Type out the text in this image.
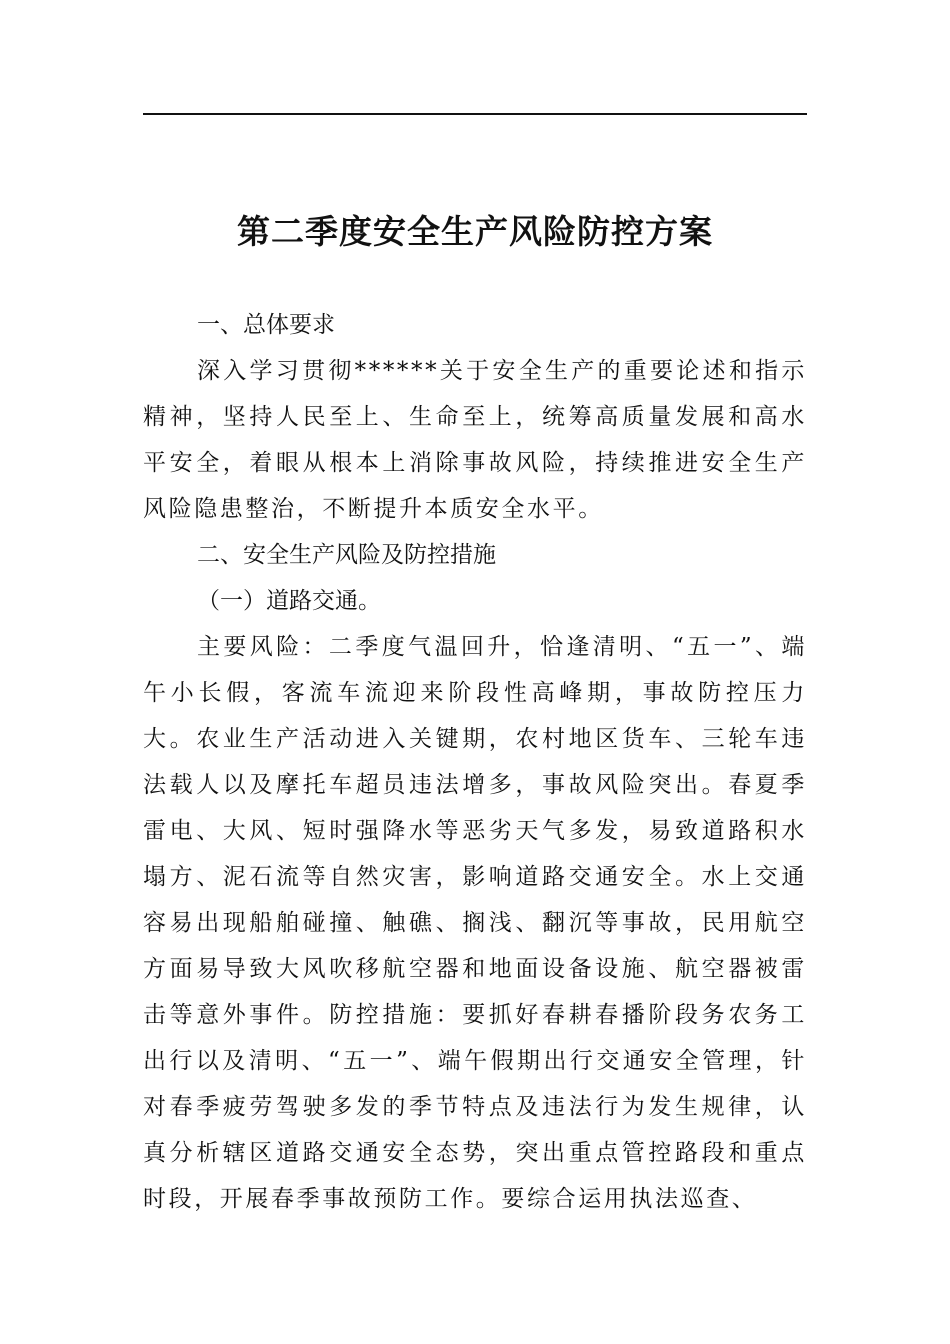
第二季度安全生产风险防控方案
一、总体要求

深入学习贯彻******关于安全生产的重要论述和指示精神，坚持人民至上、生命至上，统筹高质量发展和高水平安全，着眼从根本上消除事故风险，持续推进安全生产风险隐患整治，不断提升本质安全水平。

二、安全生产风险及防控措施

（一）道路交通。

主要风险：二季度气温回升，恰逢清明、“五一”、端午小长假，客流车流迎来阶段性高峰期，事故防控压力大。农业生产活动进入关键期，农村地区货车、三轮车违法载人以及摩托车超员违法增多，事故风险突出。春夏季雷电、大风、短时强降水等恶劣天气多发，易致道路积水塌方、泥石流等自然灾害，影响道路交通安全。水上交通容易出现船舶碰撞、触礁、搁浅、翻沉等事故，民用航空方面易导致大风吹移航空器和地面设备设施、航空器被雷击等意外事件。防控措施：要抓好春耕春播阶段务农务工出行以及清明、“五一”、端午假期出行交通安全管理，针对春季疲劳驾驶多发的季节特点及违法行为发生规律，认真分析辖区道路交通安全态势，突出重点管控路段和重点时段，开展春季事故预防工作。要综合运用执法巡查、
